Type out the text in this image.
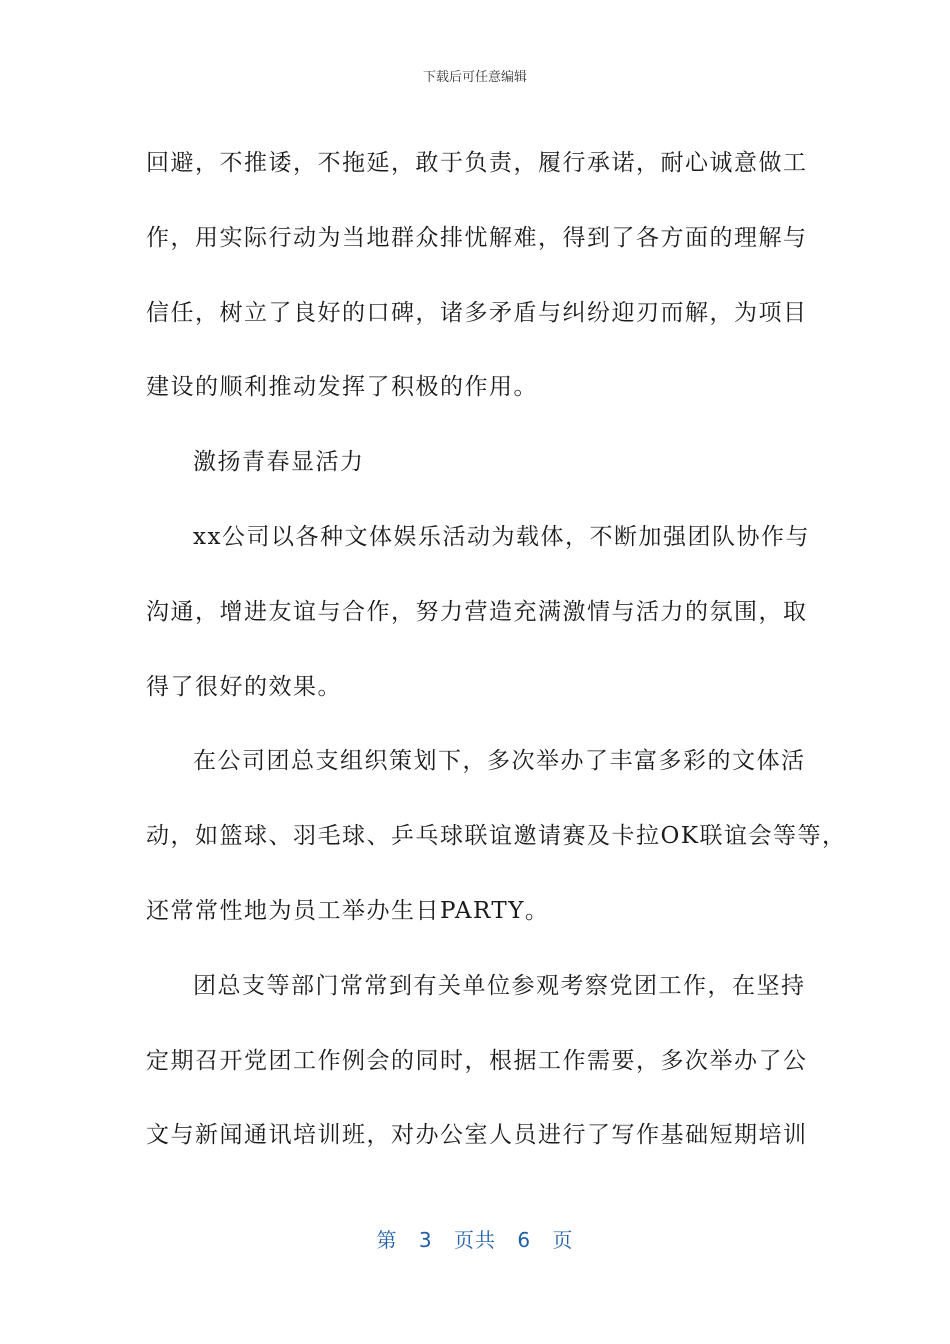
下载后可任意编辑
回避，不推诿，不拖延，敢于负责，履行承诺，耐心诚意做工
作，用实际行动为当地群众排忧解难，得到了各方面的理解与
信任，树立了良好的口碑，诸多矛盾与纠纷迎刃而解，为项目
建设的顺利推动发挥了积极的作用。
激扬青春显活力
xx公司以各种文体娱乐活动为载体，不断加强团队协作与
沟通，增进友谊与合作，努力营造充满激情与活力的氛围，取
得了很好的效果。
在公司团总支组织策划下，多次举办了丰富多彩的文体活
动，如篮球、羽毛球、乒乓球联谊邀请赛及卡拉OK联谊会等等，
还常常性地为员工举办生日PARTY。
团总支等部门常常到有关单位参观考察党团工作，在坚持
定期召开党团工作例会的同时，根据工作需要，多次举办了公
文与新闻通讯培训班，对办公室人员进行了写作基础短期培训
第 3 页共 6 页
